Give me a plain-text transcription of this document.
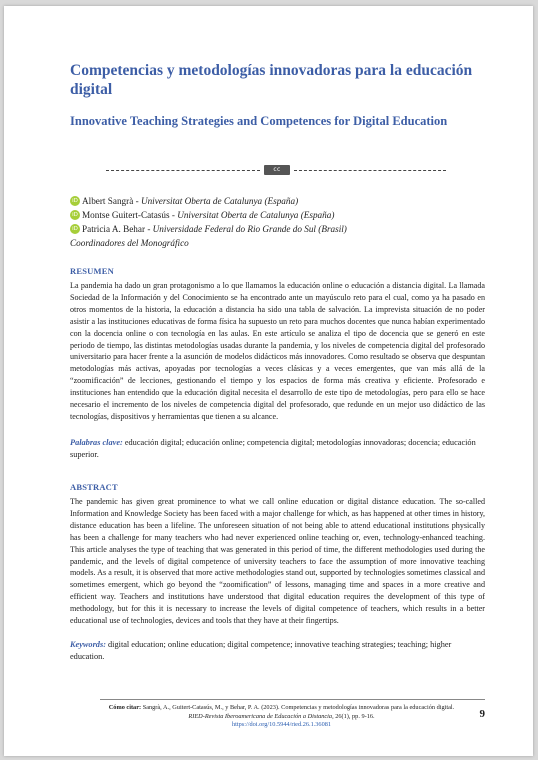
Competencias y metodologías innovadoras para la educación digital
Innovative Teaching Strategies and Competences for Digital Education
cc
iD Albert Sangrà - Universitat Oberta de Catalunya (España)
iD Montse Guitert-Catasús - Universitat Oberta de Catalunya (España)
iD Patricia A. Behar - Universidade Federal do Rio Grande do Sul (Brasil)
Coordinadores del Monográfico
RESUMEN
La pandemia ha dado un gran protagonismo a lo que llamamos la educación online o educación a distancia digital. La llamada Sociedad de la Información y del Conocimiento se ha encontrado ante un mayúsculo reto para el cual, como ya ha pasado en otros momentos de la historia, la educación a distancia ha sido una tabla de salvación. La imprevista situación de no poder asistir a las instituciones educativas de forma física ha supuesto un reto para muchos docentes que nunca habían experimentado con la docencia online o con tecnología en las aulas. En este artículo se analiza el tipo de docencia que se generó en este periodo de tiempo, las distintas metodologías usadas durante la pandemia, y los niveles de competencia digital del profesorado universitario para hacer frente a la asunción de modelos didácticos más innovadores. Como resultado se observa que despuntan metodologías más activas, apoyadas por tecnologías a veces clásicas y a veces emergentes, que van más allá de la “zoomificación” de lecciones, gestionando el tiempo y los espacios de forma más creativa y eficiente. Profesorado e instituciones han entendido que la educación digital necesita el desarrollo de este tipo de metodologías, pero para ello se hace necesario el incremento de los niveles de competencia digital del profesorado, que redunde en un mejor uso didáctico de las tecnologías, dispositivos y herramientas que tienen a su alcance.
Palabras clave: educación digital; educación online; competencia digital; metodologías innovadoras; docencia; educación superior.
ABSTRACT
The pandemic has given great prominence to what we call online education or digital distance education. The so-called Information and Knowledge Society has been faced with a major challenge for which, as has happened at other times in history, distance education has been a lifeline. The unforeseen situation of not being able to attend educational institutions physically has been a challenge for many teachers who had never experienced online teaching or, even, technology-enhanced teaching. This article analyses the type of teaching that was generated in this period of time, the different methodologies used during the pandemic, and the levels of digital competence of university teachers to face the assumption of more innovative teaching models. As a result, it is observed that more active methodologies stand out, supported by technologies sometimes classical and sometimes emergent, which go beyond the “zoomification” of lessons, managing time and spaces in a more creative and efficient way. Teachers and institutions have understood that digital education requires the development of this type of methodology, but for this it is necessary to increase the levels of digital competence of teachers, which results in a better educational use of technologies, devices and tools that they have at their fingertips.
Keywords: digital education; online education; digital competence; innovative teaching strategies; teaching; higher education.
Cómo citar: Sangrà, A., Guitert-Catasús, M., y Behar, P. A. (2023). Competencias y metodologías innovadoras para la educación digital. RIED-Revista Iberoamericana de Educación a Distancia, 26(1), pp. 9-16.
https://doi.org/10.5944/ried.26.1.36081
9
